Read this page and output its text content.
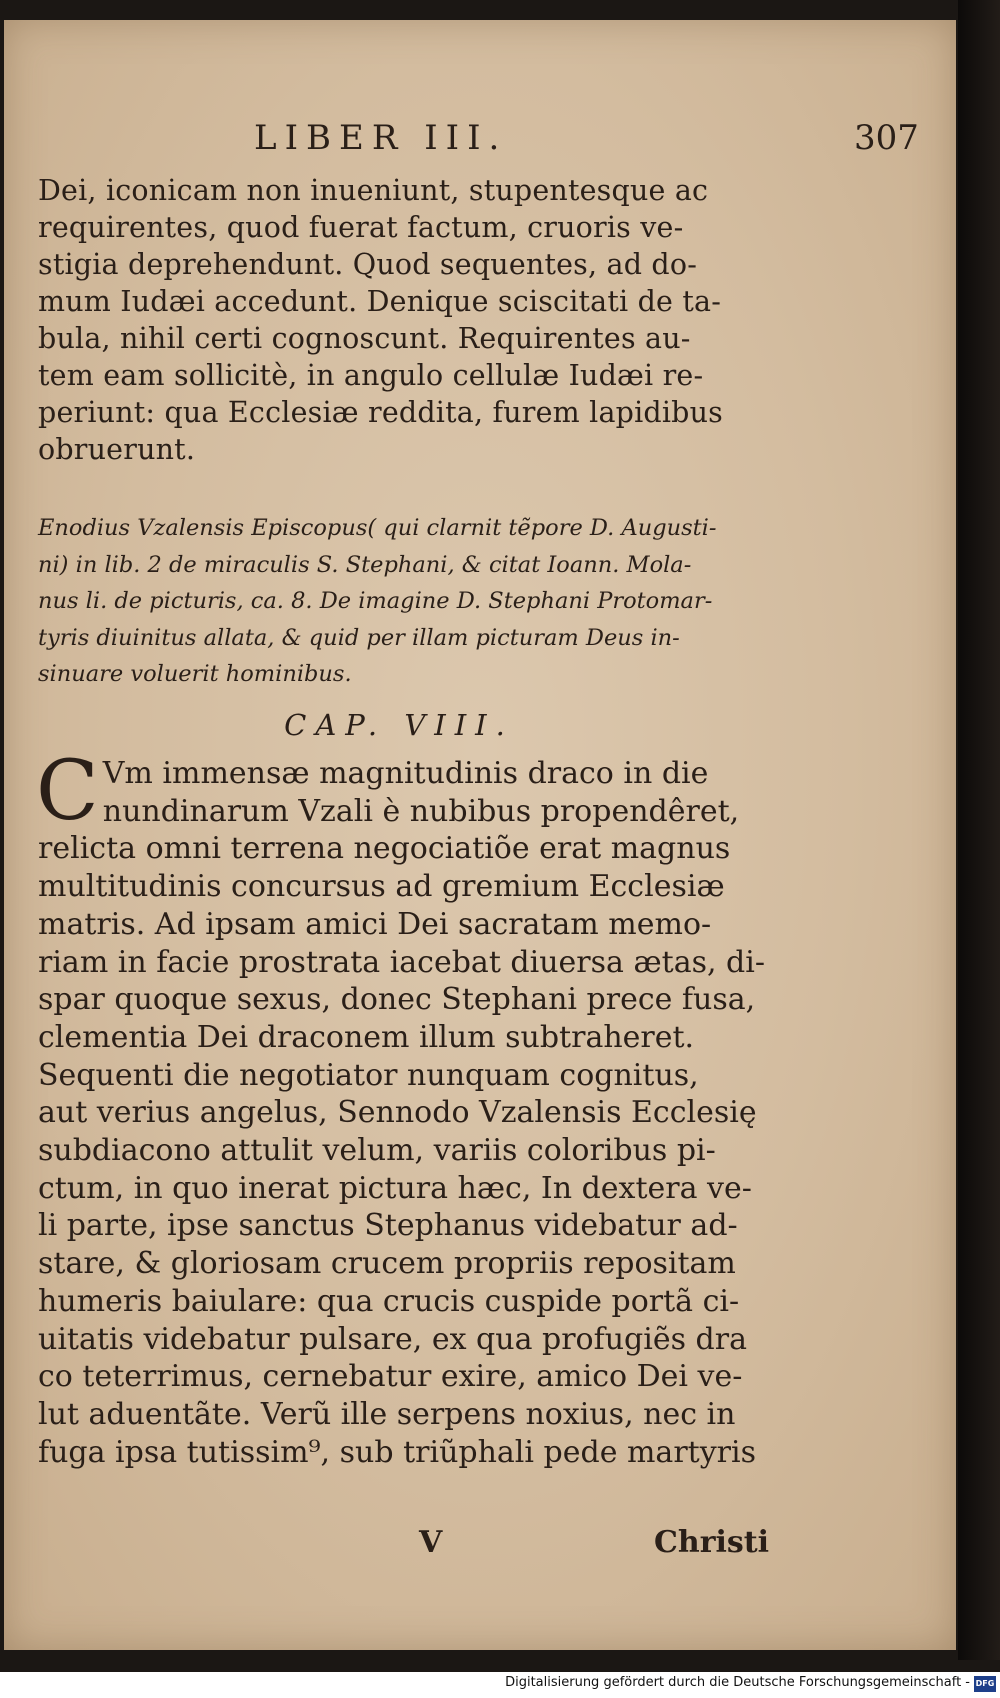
LIBER III.	307

Dei, iconicam non inueniunt, stupentesque ac
requirentes, quod fuerat factum, cruoris ve-
stigia deprehendunt. Quod sequentes, ad do-
mum Iudæi accedunt. Denique sciscitati de ta-
bula, nihil certi cognoscunt. Requirentes au-
tem eam sollicitè, in angulo cellulæ Iudæi re-
periunt: qua Ecclesiæ reddita, furem lapidibus
obruerunt.
Enodius Vzalensis Episcopus( qui clarnit tẽpore D. Augusti-
ni) in lib. 2 de miraculis S. Stephani, & citat Ioann. Mola-
nus li. de picturis, ca. 8. De imagine D. Stephani Protomar-
tyris diuinitus allata, & quid per illam picturam Deus in-
sinuare voluerit hominibus.

CAP. VIII.

C Vm immensæ magnitudinis draco in die
nundinarum Vzali è nubibus propendêret,
relicta omni terrena negociatiõe erat magnus
multitudinis concursus ad gremium Ecclesiæ
matris. Ad ipsam amici Dei sacratam memo-
riam in facie prostrata iacebat diuersa ætas, di-
spar quoque sexus, donec Stephani prece fusa,
clementia Dei draconem illum subtraheret.
Sequenti die negotiator nunquam cognitus,
aut verius angelus, Sennodo Vzalensis Ecclesię
subdiacono attulit velum, variis coloribus pi-
ctum, in quo inerat pictura hæc, In dextera ve-
li parte, ipse sanctus Stephanus videbatur ad-
stare, & gloriosam crucem propriis repositam
humeris baiulare: qua crucis cuspide portã ci-
uitatis videbatur pulsare, ex qua profugiẽs dra
co teterrimus, cernebatur exire, amico Dei ve-
lut aduentãte. Verũ ille serpens noxius, nec in
fuga ipsa tutissim⁹, sub triũphali pede martyris
V	Christi

Digitalisierung gefördert durch die Deutsche Forschungsgemeinschaft - DFG
